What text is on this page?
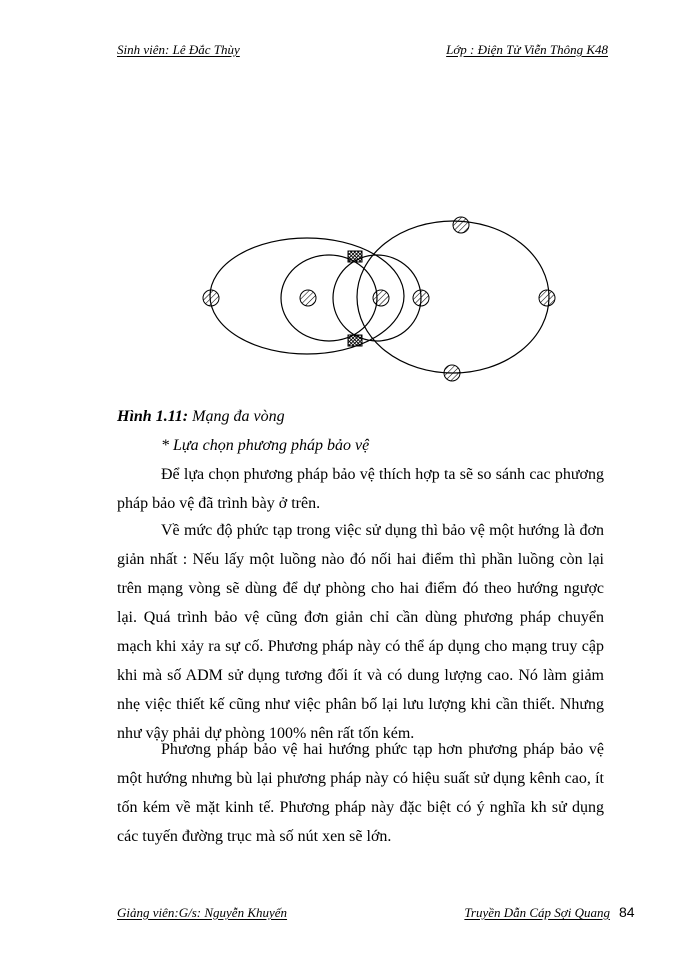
Sinh viên: Lê Đắc Thùy	Lớp : Điện Tử Viễn Thông K48
Hình 1.11: Mạng đa vòng
* Lựa chọn phương pháp bảo vệ

Để lựa chọn phương pháp bảo vệ thích hợp ta sẽ so sánh cac phương pháp bảo vệ đã trình bày ở trên.

Về mức độ phức tạp trong việc sử dụng thì bảo vệ một hướng là đơn giản nhất : Nếu lấy một luồng nào đó nối hai điểm thì phần luồng còn lại trên mạng vòng sẽ dùng để dự phòng cho hai điểm đó theo hướng ngược lại. Quá trình bảo vệ cũng đơn giản chỉ cần dùng phương pháp chuyển mạch khi xảy ra sự cố. Phương pháp này có thể áp dụng cho mạng truy cập khi mà số ADM sử dụng tương đối ít và có dung lượng cao. Nó làm giảm nhẹ việc thiết kế cũng như việc phân bố lại lưu lượng khi cần thiết. Nhưng như vậy phải dự phòng 100% nên rất tốn kém.

Phương pháp bảo vệ hai hướng phức tạp hơn phương pháp bảo vệ một hướng nhưng bù lại phương pháp này có hiệu suất sử dụng kênh cao, ít tốn kém về mặt kinh tế. Phương pháp này đặc biệt có ý nghĩa kh sử dụng các tuyến đường trục mà số nút xen sẽ lớn.

Giảng viên:G/s: Nguyễn Khuyến	Truyền Dẫn Cáp Sợi Quang 84
